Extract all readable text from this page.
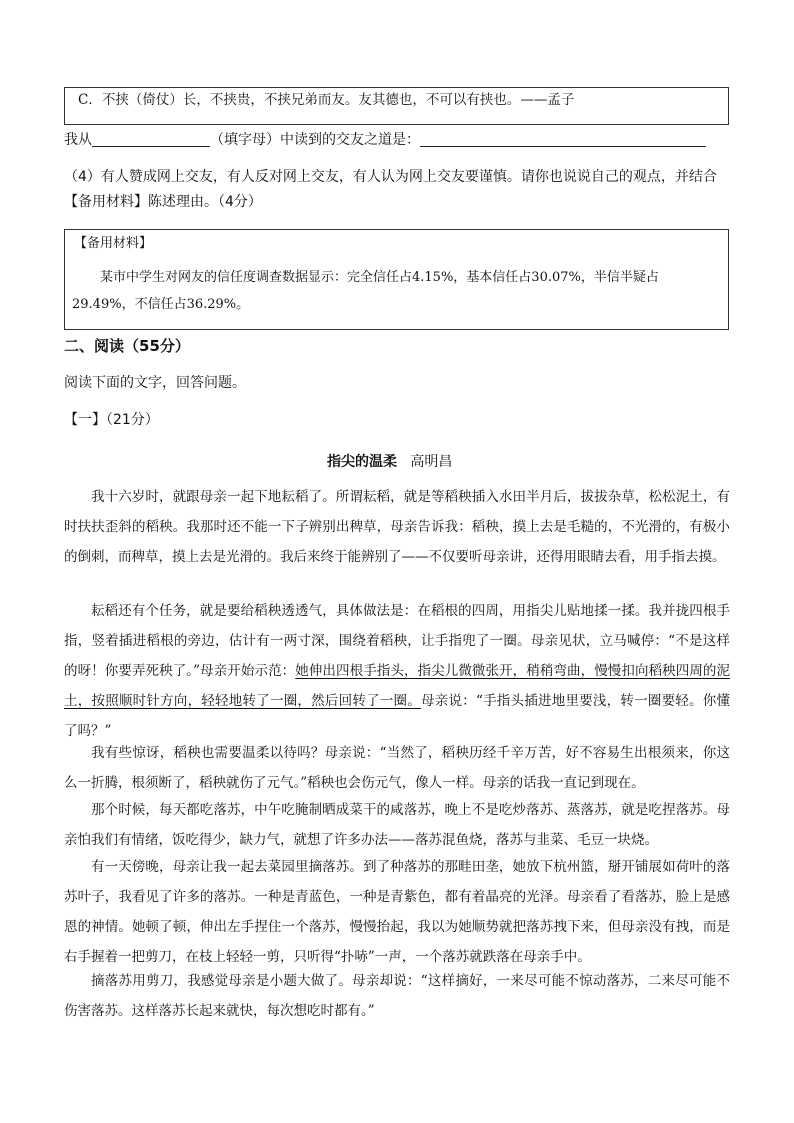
C．不挟（倚仗）长，不挟贵，不挟兄弟而友。友其德也，不可以有挟也。——孟子
我从	（填字母）中读到的交友之道是：
（4）有人赞成网上交友，有人反对网上交友，有人认为网上交友要谨慎。请你也说说自己的观点，并结合
【备用材料】陈述理由。（4分）
【备用材料】
某市中学生对网友的信任度调查数据显示：完全信任占4.15%，基本信任占30.07%，半信半疑占
29.49%，不信任占36.29%。
二、阅读（55分）
阅读下面的文字，回答问题。
【一】（21分）
指尖的温柔 高明昌

我十六岁时，就跟母亲一起下地耘稻了。所谓耘稻，就是等稻秧插入水田半月后，拔拔杂草，松松泥土，有时扶扶歪斜的稻秧。我那时还不能一下子辨别出稗草，母亲告诉我：稻秧，摸上去是毛糙的，不光滑的，有极小的倒刺，而稗草，摸上去是光滑的。我后来终于能辨别了——不仅要听母亲讲，还得用眼睛去看，用手指去摸。

耘稻还有个任务，就是要给稻秧透透气，具体做法是：在稻根的四周，用指尖儿贴地揉一揉。我并拢四根手指，竖着插进稻根的旁边，估计有一两寸深，围绕着稻秧，让手指兜了一圈。母亲见状，立马喊停：“不是这样的呀！你要弄死秧了。”母亲开始示范：她伸出四根手指头，指尖儿微微张开，稍稍弯曲，慢慢扣向稻秧四周的泥土，按照顺时针方向，轻轻地转了一圈，然后回转了一圈。母亲说：“手指头插进地里要浅，转一圈要轻。你懂了吗？”

我有些惊讶，稻秧也需要温柔以待吗？母亲说：“当然了，稻秧历经千辛万苦，好不容易生出根须来，你这么一折腾，根须断了，稻秧就伤了元气。”稻秧也会伤元气，像人一样。母亲的话我一直记到现在。

那个时候，每天都吃落苏，中午吃腌制晒成菜干的咸落苏，晚上不是吃炒落苏、蒸落苏，就是吃捏落苏。母亲怕我们有情绪，饭吃得少，缺力气，就想了许多办法——落苏混鱼烧，落苏与韭菜、毛豆一块烧。

有一天傍晚，母亲让我一起去菜园里摘落苏。到了种落苏的那畦田垄，她放下杭州篮，掰开铺展如荷叶的落苏叶子，我看见了许多的落苏。一种是青蓝色，一种是青紫色，都有着晶亮的光泽。母亲看了看落苏，脸上是感恩的神情。她顿了顿，伸出左手捏住一个落苏，慢慢抬起，我以为她顺势就把落苏拽下来，但母亲没有拽，而是右手握着一把剪刀，在枝上轻轻一剪，只听得“扑哧”一声，一个落苏就跌落在母亲手中。

摘落苏用剪刀，我感觉母亲是小题大做了。母亲却说：“这样摘好，一来尽可能不惊动落苏，二来尽可能不伤害落苏。这样落苏长起来就快，每次想吃时都有。”
